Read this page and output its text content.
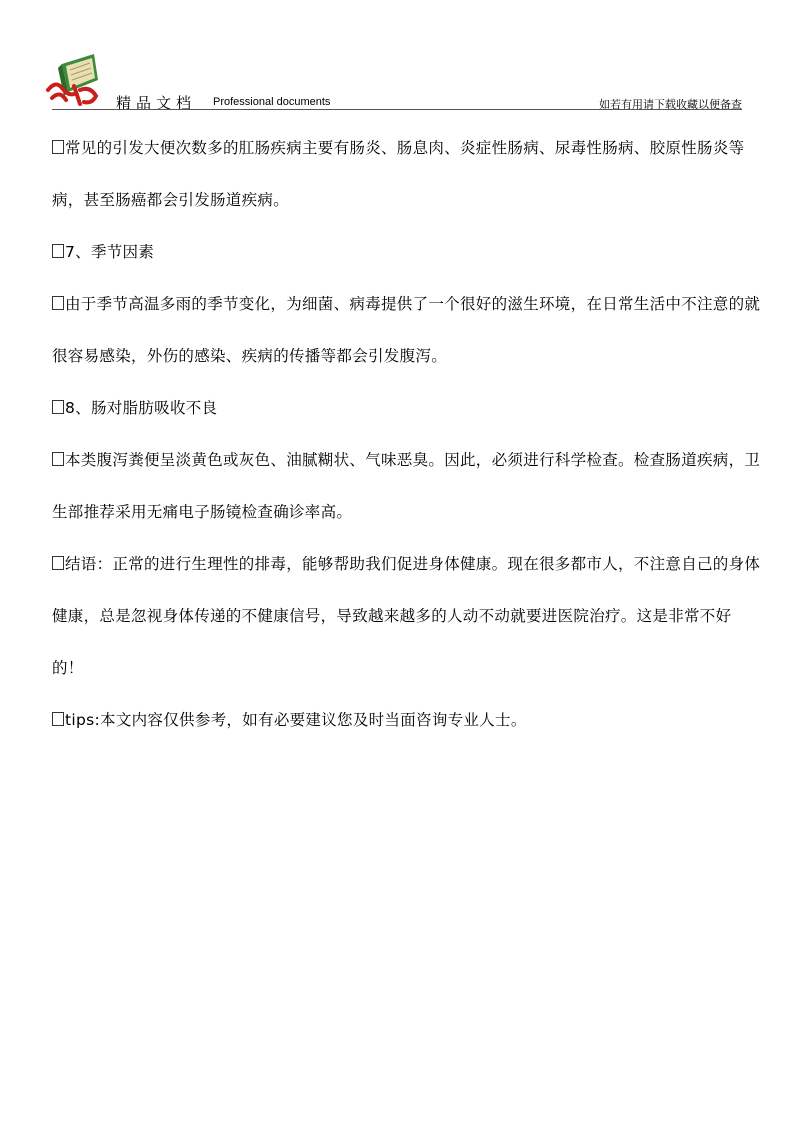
精品文档 Professional documents	如若有用请下载收藏以便备查

常见的引发大便次数多的肛肠疾病主要有肠炎、肠息肉、炎症性肠病、尿毒性肠病、胶原性肠炎等病，甚至肠癌都会引发肠道疾病。

7、季节因素

由于季节高温多雨的季节变化，为细菌、病毒提供了一个很好的滋生环境，在日常生活中不注意的就很容易感染，外伤的感染、疾病的传播等都会引发腹泻。

8、肠对脂肪吸收不良

本类腹泻粪便呈淡黄色或灰色、油腻糊状、气味恶臭。因此，必须进行科学检查。检查肠道疾病，卫生部推荐采用无痛电子肠镜检查确诊率高。

结语：正常的进行生理性的排毒，能够帮助我们促进身体健康。现在很多都市人，不注意自己的身体健康，总是忽视身体传递的不健康信号，导致越来越多的人动不动就要进医院治疗。这是非常不好的！

tips:本文内容仅供参考，如有必要建议您及时当面咨询专业人士。
